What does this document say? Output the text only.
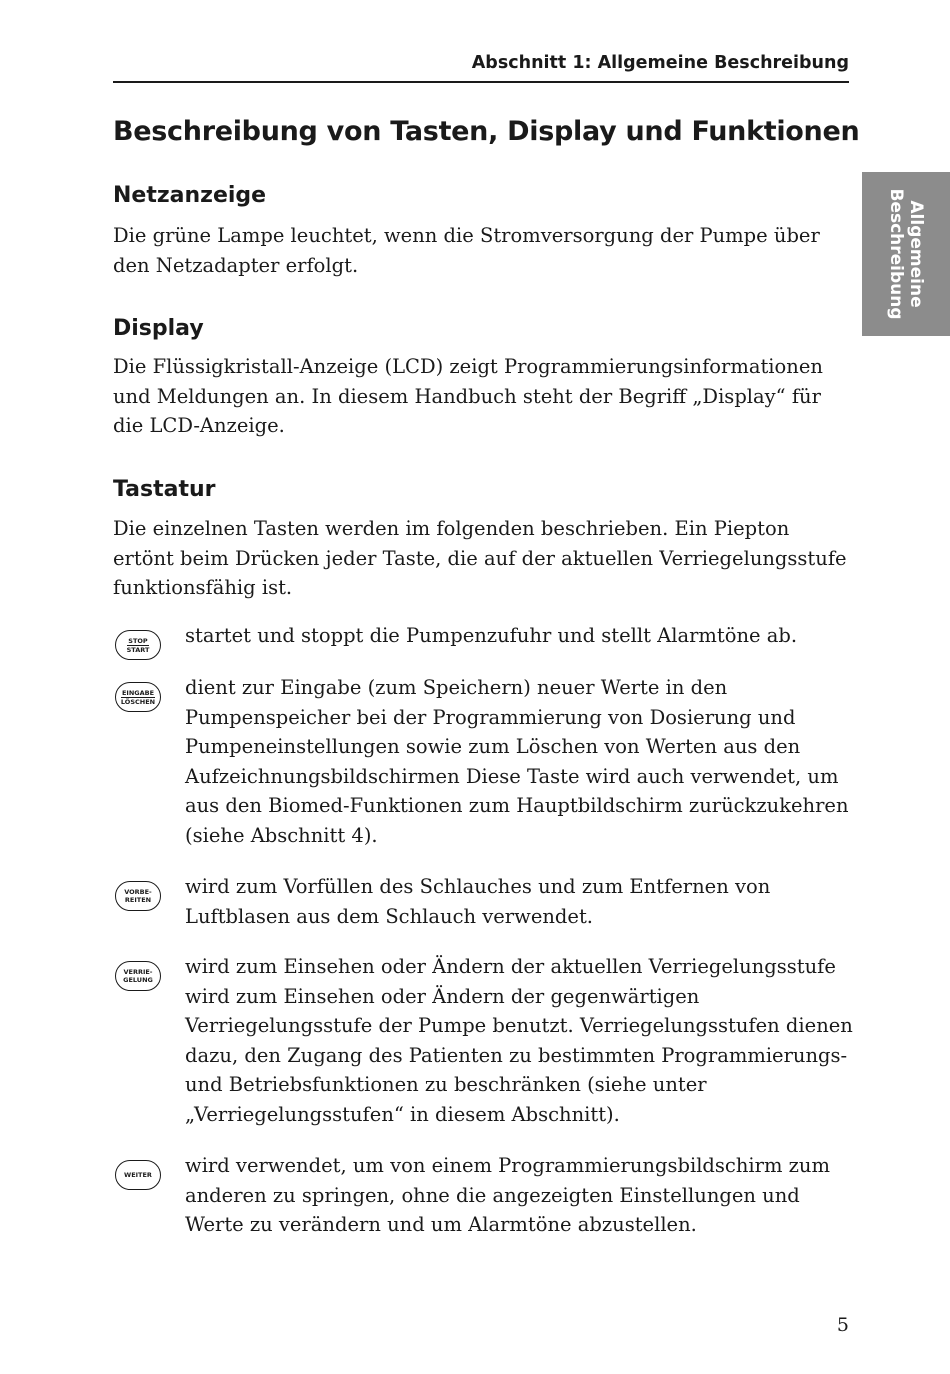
Abschnitt 1: Allgemeine Beschreibung
Allgemeine
Beschreibung
Beschreibung von Tasten, Display und Funktionen
Netzanzeige

Die grüne Lampe leuchtet, wenn die Stromversorgung der Pumpe über den Netzadapter erfolgt.

Display

Die Flüssigkristall-Anzeige (LCD) zeigt Programmierungsinformationen und Meldungen an. In diesem Handbuch steht der Begriff „Display“ für die LCD-Anzeige.

Tastatur

Die einzelnen Tasten werden im folgenden beschrieben. Ein Piepton ertönt beim Drücken jeder Taste, die auf der aktuellen Verriegelungsstufe funktionsfähig ist.

STOP
START

startet und stoppt die Pumpenzufuhr und stellt Alarmtöne ab.

EINGABE
LÖSCHEN

dient zur Eingabe (zum Speichern) neuer Werte in den Pumpenspeicher bei der Programmierung von Dosierung und Pumpeneinstellungen sowie zum Löschen von Werten aus den Aufzeichnungsbildschirmen Diese Taste wird auch verwendet, um aus den Biomed-Funktionen zum Hauptbildschirm zurückzukehren (siehe Abschnitt 4).

VORBE-
REITEN

wird zum Vorfüllen des Schlauches und zum Entfernen von Luftblasen aus dem Schlauch verwendet.

VERRIE-
GELUNG

wird zum Einsehen oder Ändern der aktuellen Verriegelungsstufe wird zum Einsehen oder Ändern der gegenwärtigen Verriegelungsstufe der Pumpe benutzt. Verriegelungsstufen dienen dazu, den Zugang des Patienten zu bestimmten Programmierungs- und Betriebsfunktionen zu beschränken (siehe unter „Verriegelungsstufen“ in diesem Abschnitt).

WEITER wird verwendet, um von einem Programmierungsbildschirm zum anderen zu springen, ohne die angezeigten Einstellungen und Werte zu verändern und um Alarmtöne abzustellen.

5
